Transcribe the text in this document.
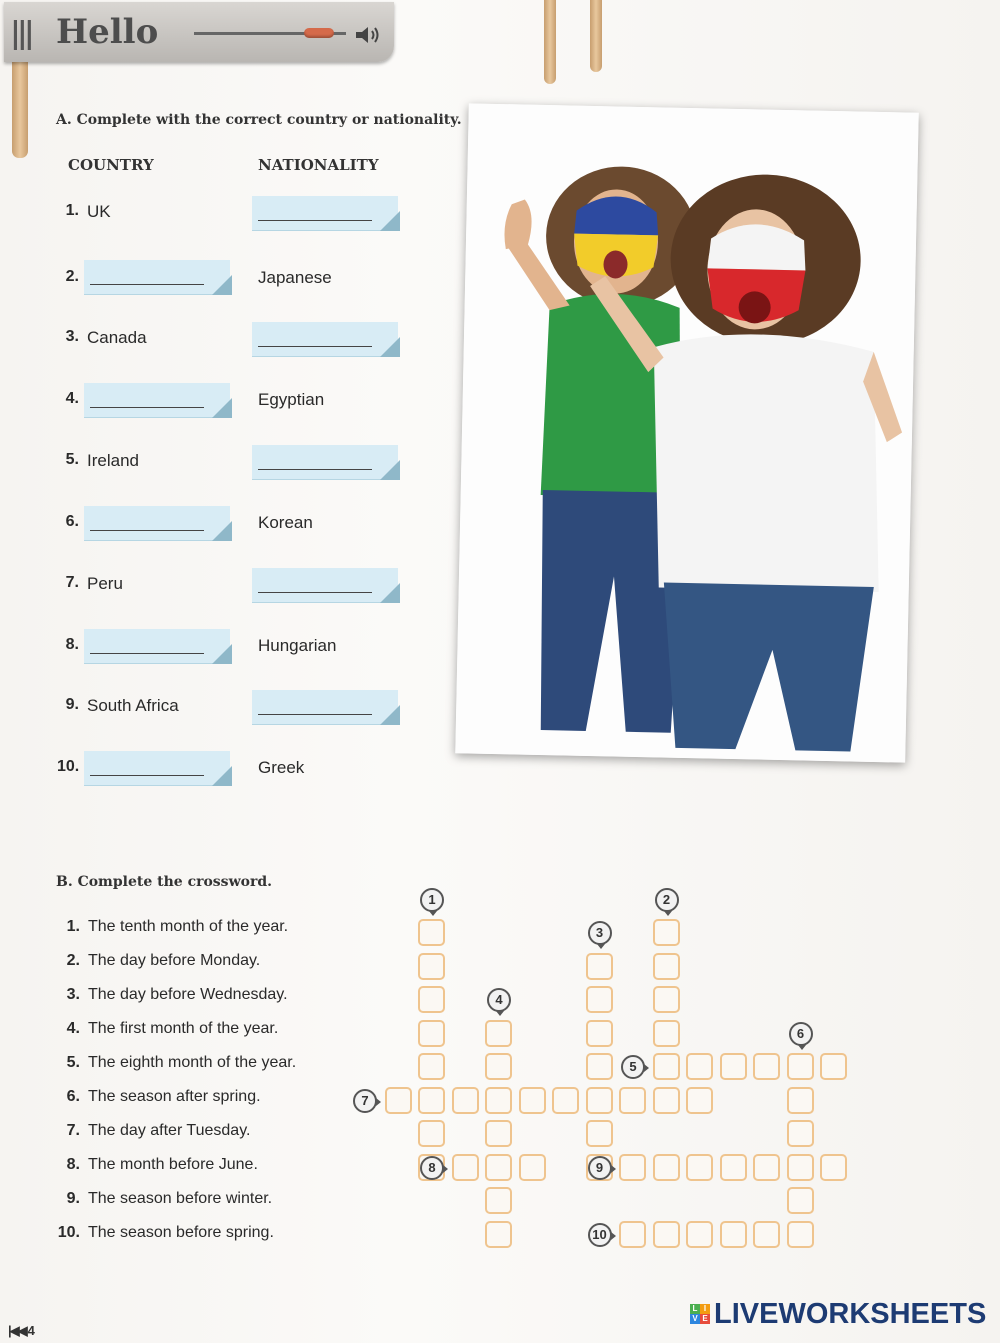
||| Hello
A. Complete with the correct country or nationality.
COUNTRY	NATIONALITY
1. UK
2.	Japanese
3. Canada
4.	Egyptian
5. Ireland
6.	Korean
7. Peru
8.	Hungarian
9. South Africa
10.	Greek
B. Complete the crossword.
1. The tenth month of the year.
2. The day before Monday.
3. The day before Wednesday.
4. The first month of the year.
5. The eighth month of the year.
6. The season after spring.
7. The day after Tuesday.
8. The month before June.
9. The season before winter.
10. The season before spring.
1	2
3
4
5
6
7
8	9
10
|◀◀ 4
L I
V E LIVEWORKSHEETS
